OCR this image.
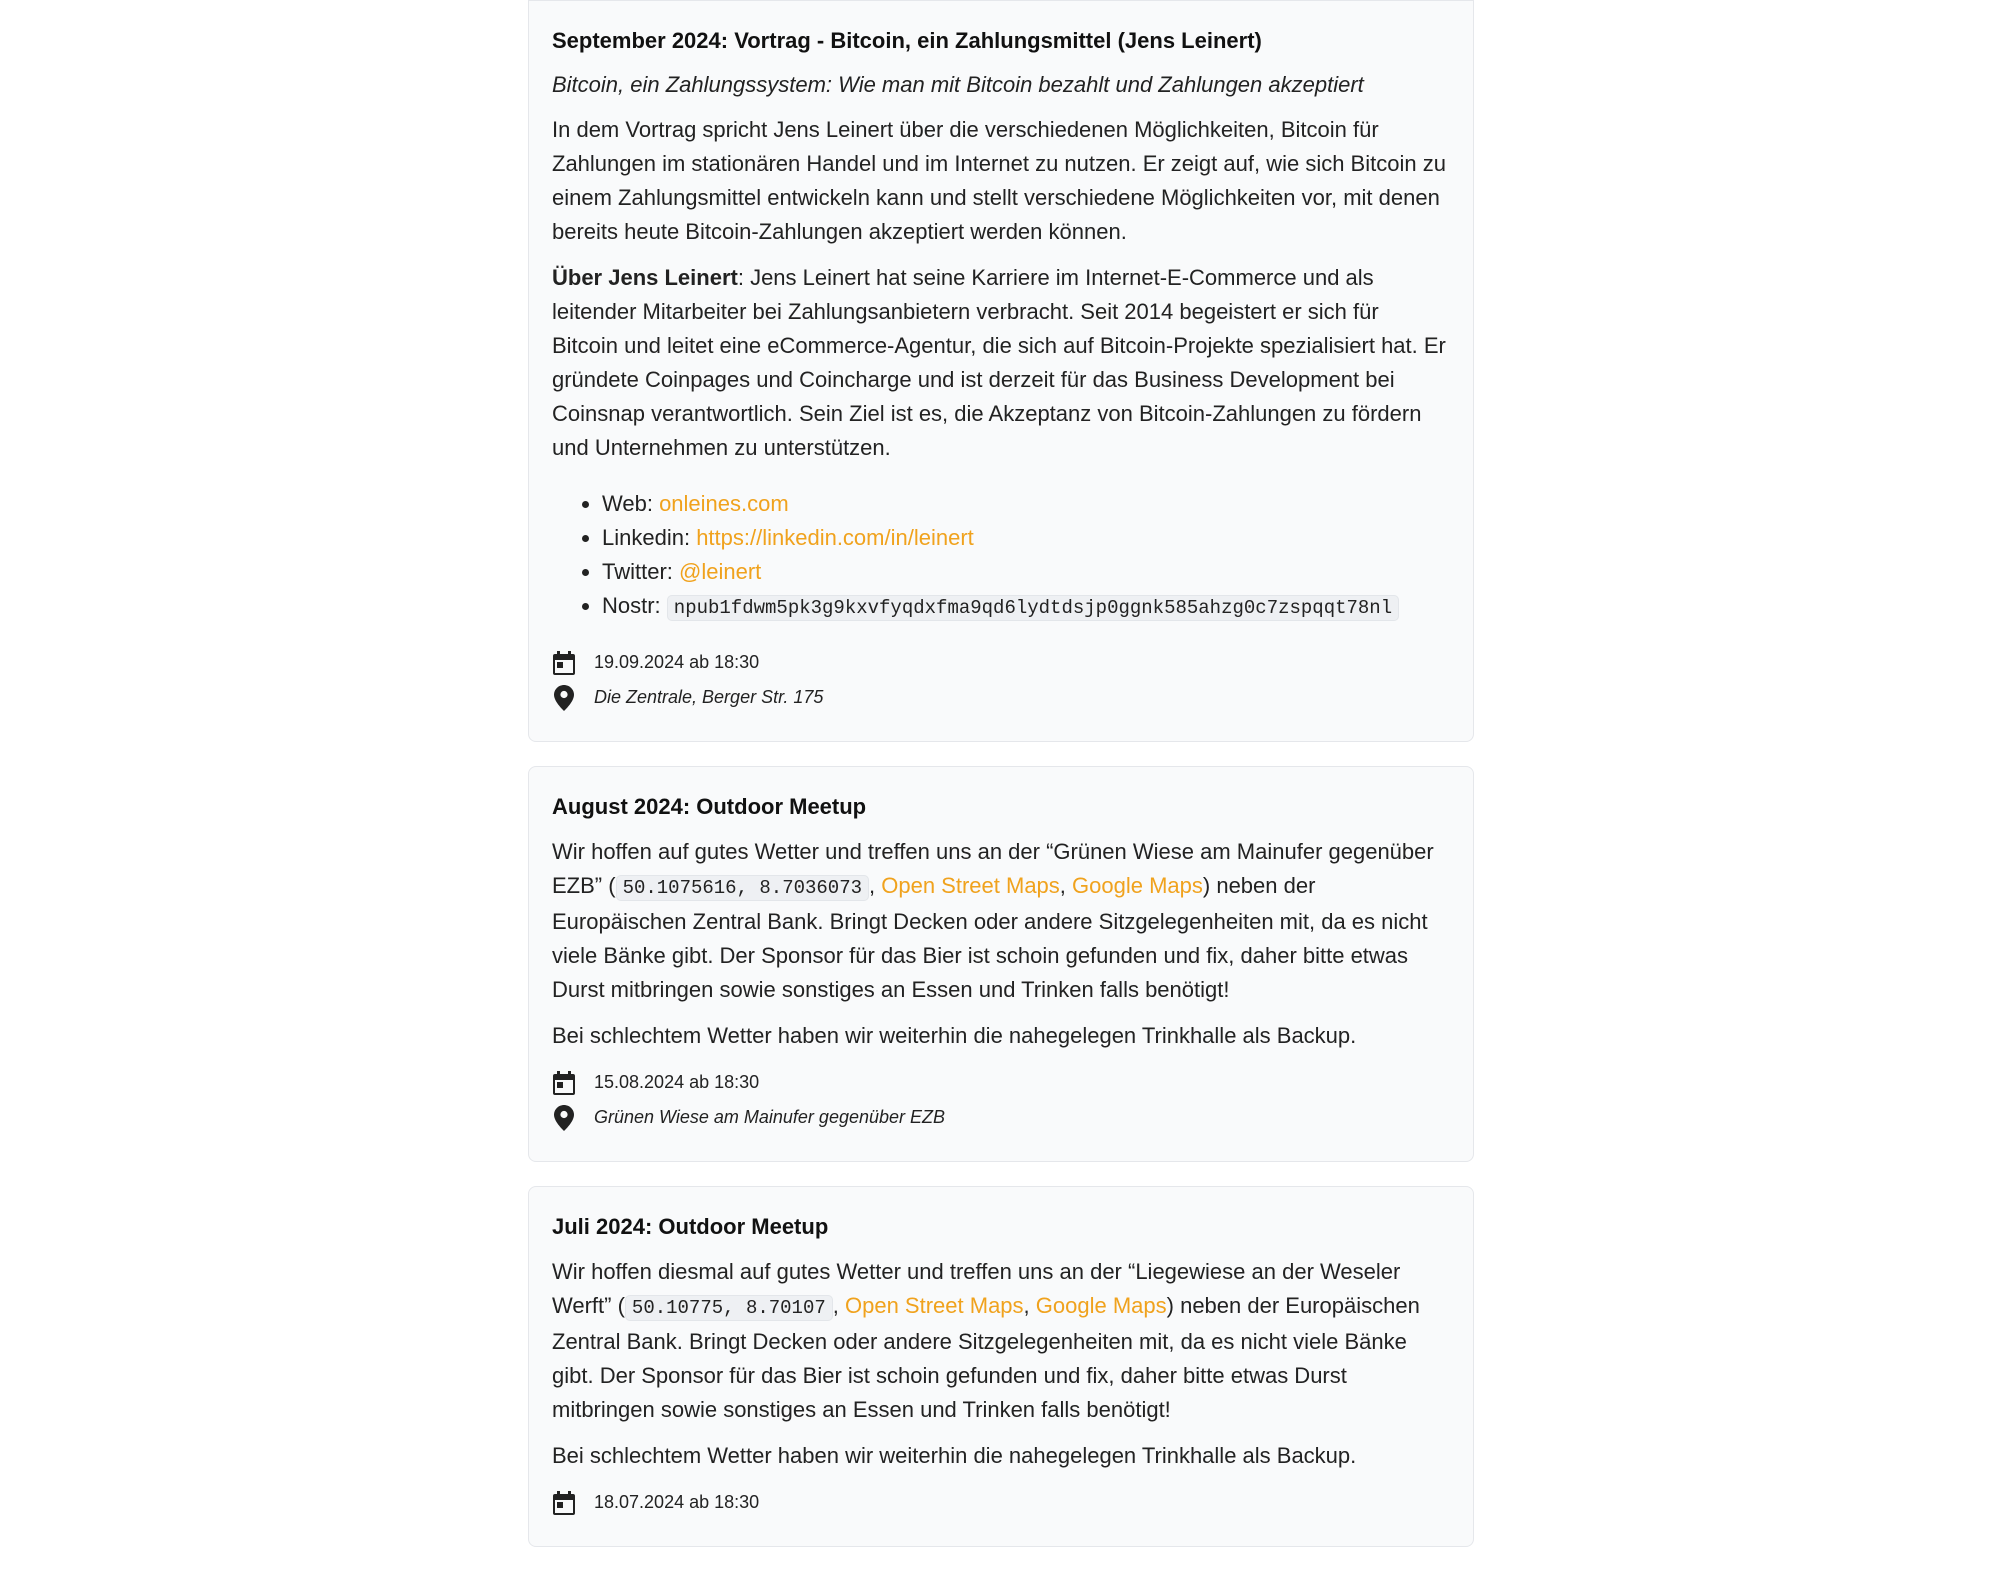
September 2024: Vortrag - Bitcoin, ein Zahlungsmittel (Jens Leinert)
Bitcoin, ein Zahlungssystem: Wie man mit Bitcoin bezahlt und Zahlungen akzeptiert
In dem Vortrag spricht Jens Leinert über die verschiedenen Möglichkeiten, Bitcoin für Zahlungen im stationären Handel und im Internet zu nutzen. Er zeigt auf, wie sich Bitcoin zu einem Zahlungsmittel entwickeln kann und stellt verschiedene Möglichkeiten vor, mit denen bereits heute Bitcoin-Zahlungen akzeptiert werden können.
Über Jens Leinert: Jens Leinert hat seine Karriere im Internet-E-Commerce und als leitender Mitarbeiter bei Zahlungsanbietern verbracht. Seit 2014 begeistert er sich für Bitcoin und leitet eine eCommerce-Agentur, die sich auf Bitcoin-Projekte spezialisiert hat. Er gründete Coinpages und Coincharge und ist derzeit für das Business Development bei Coinsnap verantwortlich. Sein Ziel ist es, die Akzeptanz von Bitcoin-Zahlungen zu fördern und Unternehmen zu unterstützen.
• Web: onleines.com
• Linkedin: https://linkedin.com/in/leinert
• Twitter: @leinert
• Nostr: npub1fdwm5pk3g9kxvfyqdxfma9qd6lydtdsjp0ggnk585ahzg0c7zspqqt78nl
19.09.2024 ab 18:30
Die Zentrale, Berger Str. 175
August 2024: Outdoor Meetup
Wir hoffen auf gutes Wetter und treffen uns an der “Grünen Wiese am Mainufer gegenüber EZB” ( 50.1075616, 8.7036073 , Open Street Maps, Google Maps) neben der Europäischen Zentral Bank. Bringt Decken oder andere Sitzgelegenheiten mit, da es nicht viele Bänke gibt. Der Sponsor für das Bier ist schoin gefunden und fix, daher bitte etwas Durst mitbringen sowie sonstiges an Essen und Trinken falls benötigt!
Bei schlechtem Wetter haben wir weiterhin die nahegelegen Trinkhalle als Backup.
15.08.2024 ab 18:30
Grünen Wiese am Mainufer gegenüber EZB
Juli 2024: Outdoor Meetup
Wir hoffen diesmal auf gutes Wetter und treffen uns an der “Liegewiese an der Weseler Werft” ( 50.10775, 8.70107 , Open Street Maps, Google Maps) neben der Europäischen Zentral Bank. Bringt Decken oder andere Sitzgelegenheiten mit, da es nicht viele Bänke gibt. Der Sponsor für das Bier ist schoin gefunden und fix, daher bitte etwas Durst mitbringen sowie sonstiges an Essen und Trinken falls benötigt!
Bei schlechtem Wetter haben wir weiterhin die nahegelegen Trinkhalle als Backup.
18.07.2024 ab 18:30
